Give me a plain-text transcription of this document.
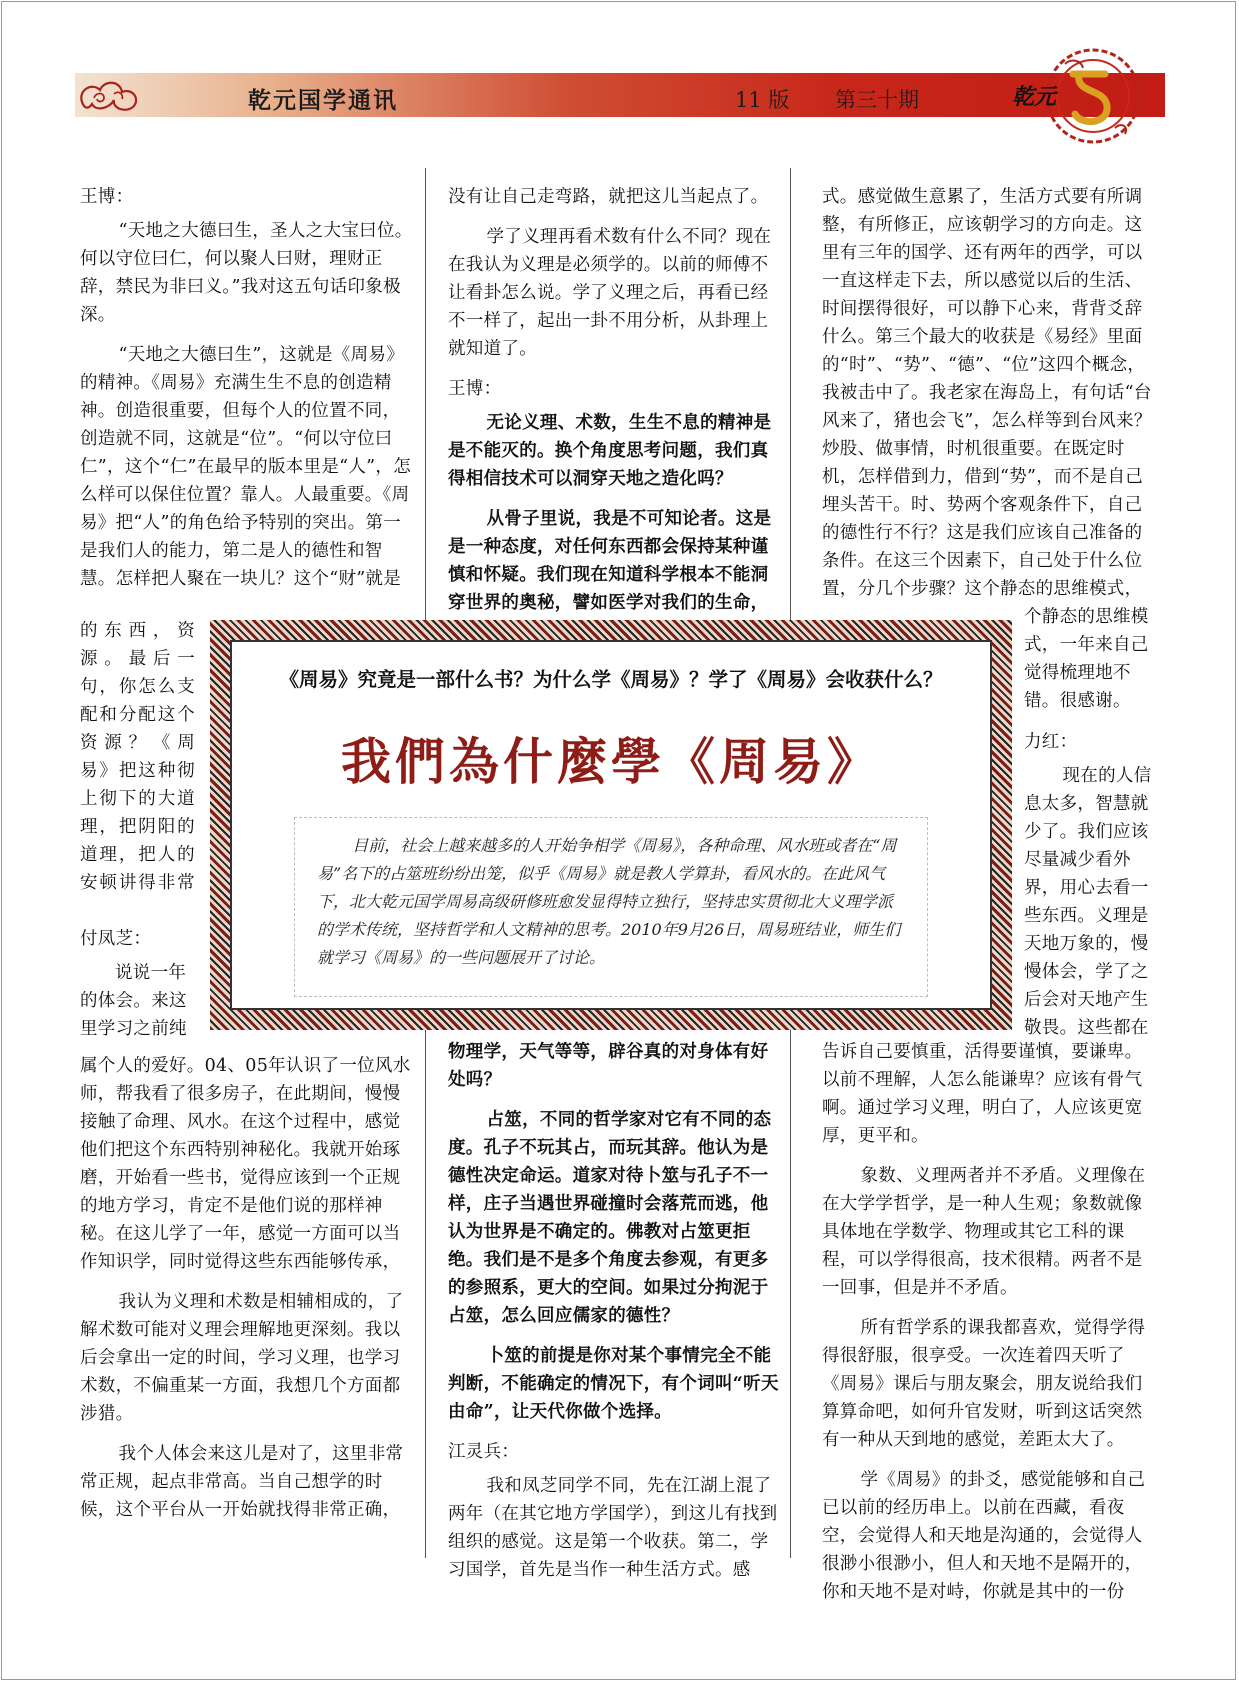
乾元国学通讯	11 版 第三十期	乾元

王博：

“天地之大德曰生，圣人之大宝曰位。何以守位曰仁，何以聚人曰财，理财正辞，禁民为非曰义。”我对这五句话印象极深。

“天地之大德曰生”，这就是《周易》的精神。《周易》充满生生不息的创造精神。创造很重要，但每个人的位置不同，创造就不同，这就是“位”。“何以守位曰仁”，这个“仁”在最早的版本里是“人”，怎么样可以保住位置？靠人。人最重要。《周易》把“人”的角色给予特别的突出。第一是我们人的能力，第二是人的德性和智慧。怎样把人聚在一块儿？这个“财”就是

的东西，资源。最后一句，你怎么支配和分配这个资源？《周易》把这种彻上彻下的大道理，把阴阳的道理，把人的安顿讲得非常

付凤芝：

说说一年的体会。来这里学习之前纯

属个人的爱好。04、05年认识了一位风水师，帮我看了很多房子，在此期间，慢慢接触了命理、风水。在这个过程中，感觉他们把这个东西特别神秘化。我就开始琢磨，开始看一些书，觉得应该到一个正规的地方学习，肯定不是他们说的那样神秘。在这儿学了一年，感觉一方面可以当作知识学，同时觉得这些东西能够传承，

我认为义理和术数是相辅相成的，了解术数可能对义理会理解地更深刻。我以后会拿出一定的时间，学习义理，也学习术数，不偏重某一方面，我想几个方面都涉猎。

我个人体会来这儿是对了，这里非常常正规，起点非常高。当自己想学的时候，这个平台从一开始就找得非常正确，

没有让自己走弯路，就把这儿当起点了。

学了义理再看术数有什么不同？现在在我认为义理是必须学的。以前的师傅不让看卦怎么说。学了义理之后，再看已经不一样了，起出一卦不用分析，从卦理上就知道了。

王博：

无论义理、术数，生生不息的精神是是不能灭的。换个角度思考问题，我们真得相信技术可以洞穿天地之造化吗？

从骨子里说，我是不可知论者。这是是一种态度，对任何东西都会保持某种谨慎和怀疑。我们现在知道科学根本不能洞穿世界的奥秘，譬如医学对我们的生命，

物理学，天气等等，辟谷真的对身体有好处吗？

占筮，不同的哲学家对它有不同的态度。孔子不玩其占，而玩其辞。他认为是德性决定命运。道家对待卜筮与孔子不一样，庄子当遇世界碰撞时会落荒而逃，他认为世界是不确定的。佛教对占筮更拒绝。我们是不是多个角度去参观，有更多的参照系，更大的空间。如果过分拘泥于占筮，怎么回应儒家的德性？

卜筮的前提是你对某个事情完全不能判断，不能确定的情况下，有个词叫“听天由命”，让天代你做个选择。

江灵兵：

我和凤芝同学不同，先在江湖上混了两年（在其它地方学国学），到这儿有找到组织的感觉。这是第一个收获。第二，学习国学，首先是当作一种生活方式。感

式。感觉做生意累了，生活方式要有所调整，有所修正，应该朝学习的方向走。这里有三年的国学、还有两年的西学，可以一直这样走下去，所以感觉以后的生活、时间摆得很好，可以静下心来，背背爻辞什么。第三个最大的收获是《易经》里面的“时”、“势”、“德”、“位”这四个概念，我被击中了。我老家在海岛上，有句话“台风来了，猪也会飞”，怎么样等到台风来？炒股、做事情，时机很重要。在既定时机，怎样借到力，借到“势”，而不是自己埋头苦干。时、势两个客观条件下，自己的德性行不行？这是我们应该自己准备的条件。在这三个因素下，自己处于什么位置，分几个步骤？这个静态的思维模式，

个静态的思维模式，一年来自己觉得梳理地不错。很感谢。

力红：

现在的人信息太多，智慧就少了。我们应该尽量减少看外界，用心去看一些东西。义理是天地万象的，慢慢体会，学了之后会对天地产生敬畏。这些都在

告诉自己要慎重，活得要谨慎，要谦卑。以前不理解，人怎么能谦卑？应该有骨气啊。通过学习义理，明白了，人应该更宽厚，更平和。

象数、义理两者并不矛盾。义理像在在大学学哲学，是一种人生观；象数就像具体地在学数学、物理或其它工科的课程，可以学得很高，技术很精。两者不是一回事，但是并不矛盾。

所有哲学系的课我都喜欢，觉得学得得很舒服，很享受。一次连着四天听了《周易》课后与朋友聚会，朋友说给我们算算命吧，如何升官发财，听到这话突然有一种从天到地的感觉，差距太大了。

学《周易》的卦爻，感觉能够和自己已以前的经历串上。以前在西藏，看夜空，会觉得人和天地是沟通的，会觉得人很渺小很渺小，但人和天地不是隔开的，你和天地不是对峙，你就是其中的一份

《周易》究竟是一部什么书？为什么学《周易》？学了《周易》会收获什么？
我們為什麼學《周易》
目前，社会上越来越多的人开始争相学《周易》，各种命理、风水班或者在“周易”名下的占筮班纷纷出笼，似乎《周易》就是教人学算卦，看风水的。在此风气下，北大乾元国学周易高级研修班愈发显得特立独行，坚持忠实贯彻北大义理学派的学术传统，坚持哲学和人文精神的思考。2010年9月26日，周易班结业，师生们就学习《周易》的一些问题展开了讨论。
